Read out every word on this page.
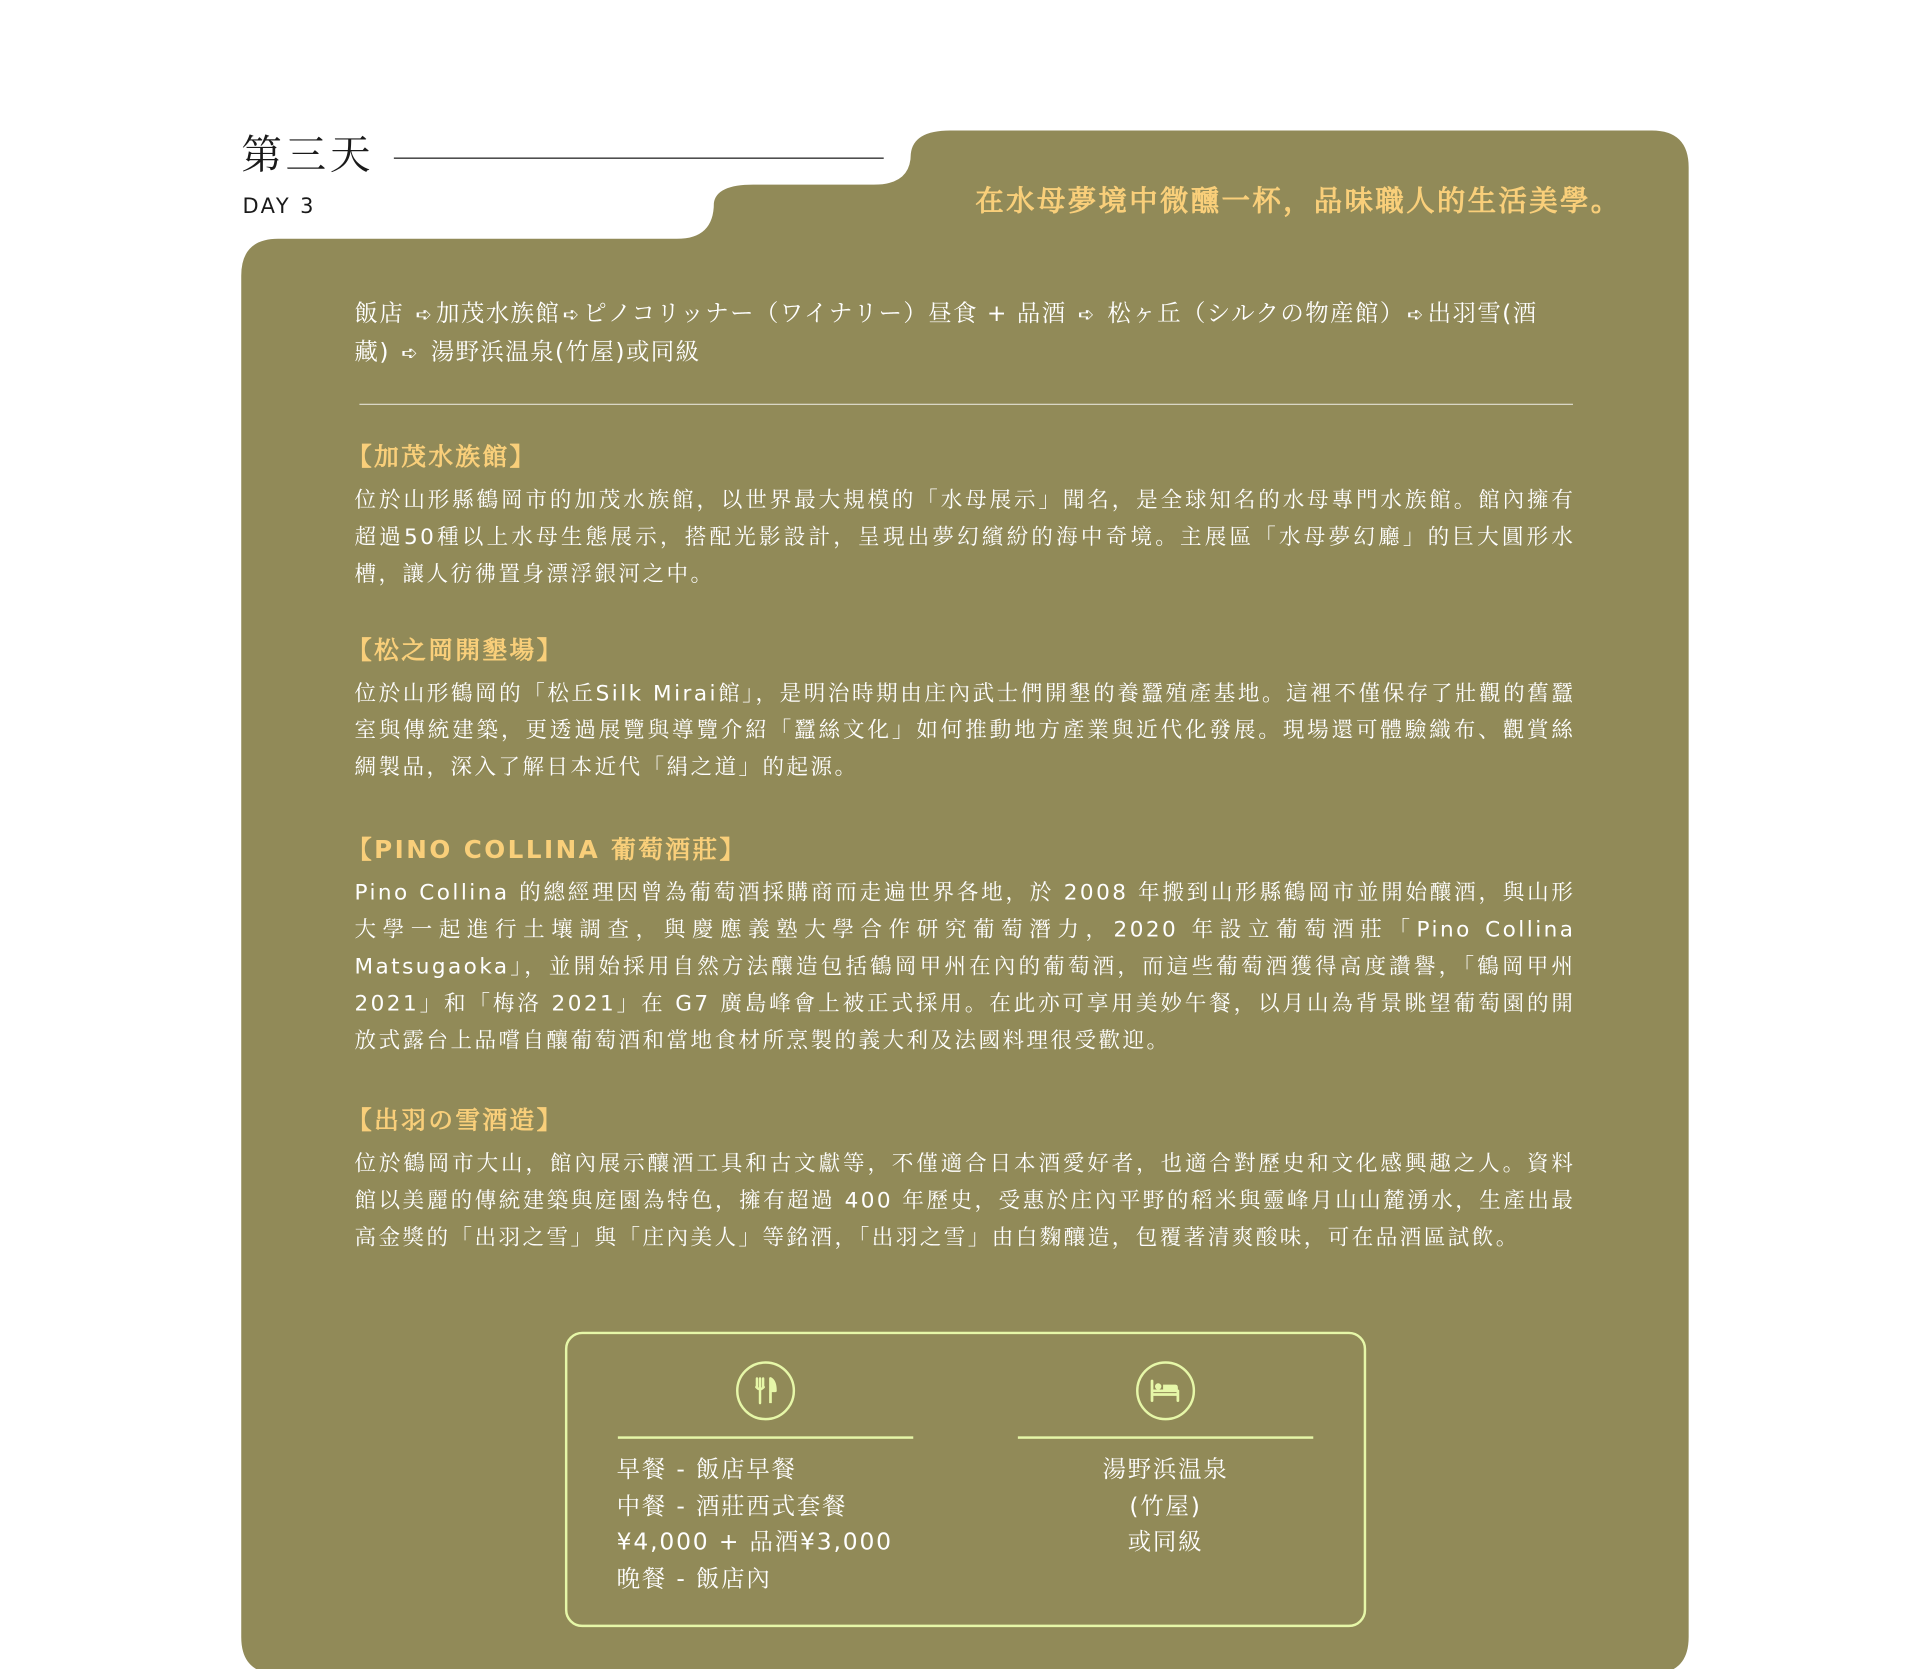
第三天
DAY 3	在水母夢境中微醺一杯，品味職人的生活美學。
飯店 ➪ 加茂水族館 ➪ ピノコリッナー（ワイナリー）昼食 + 品酒 ➪ 松ヶ丘（シルクの物産館） ➪ 出羽雪(酒藏) ➪ 湯野浜温泉(竹屋)或同級
【加茂水族館】

位於山形縣鶴岡市的加茂水族館，以世界最大規模的「水母展示」聞名，是全球知名的水母專門水族館。館內擁有超過50種以上水母生態展示，搭配光影設計，呈現出夢幻繽紛的海中奇境。主展區「水母夢幻廳」的巨大圓形水槽，讓人彷彿置身漂浮銀河之中。

【松之岡開墾場】

位於山形鶴岡的「松丘Silk Mirai館」，是明治時期由庄內武士們開墾的養蠶殖產基地。這裡不僅保存了壯觀的舊蠶室與傳統建築，更透過展覽與導覽介紹「蠶絲文化」如何推動地方產業與近代化發展。現場還可體驗織布、觀賞絲綢製品，深入了解日本近代「絹之道」的起源。

【PINO COLLINA 葡萄酒莊】

Pino Collina 的總經理因曾為葡萄酒採購商而走遍世界各地，於 2008 年搬到山形縣鶴岡市並開始釀酒，與山形大學一起進行土壤調查，與慶應義塾大學合作研究葡萄潛力，2020 年設立葡萄酒莊「Pino Collina Matsugaoka」，並開始採用自然方法釀造包括鶴岡甲州在內的葡萄酒，而這些葡萄酒獲得高度讚譽，「鶴岡甲州 2021」和「梅洛 2021」在 G7 廣島峰會上被正式採用。在此亦可享用美妙午餐，以月山為背景眺望葡萄園的開放式露台上品嚐自釀葡萄酒和當地食材所烹製的義大利及法國料理很受歡迎。

【出羽の雪酒造】

位於鶴岡市大山，館內展示釀酒工具和古文獻等，不僅適合日本酒愛好者，也適合對歷史和文化感興趣之人。資料館以美麗的傳統建築與庭園為特色，擁有超過 400 年歷史，受惠於庄內平野的稻米與靈峰月山山麓湧水，生產出最高金獎的「出羽之雪」與「庄內美人」等銘酒，「出羽之雪」由白麴釀造，包覆著清爽酸味，可在品酒區試飲。

早餐 - 飯店早餐
中餐 - 酒莊西式套餐
¥4,000 + 品酒¥3,000
晚餐 - 飯店內
湯野浜温泉
(竹屋)
或同級
